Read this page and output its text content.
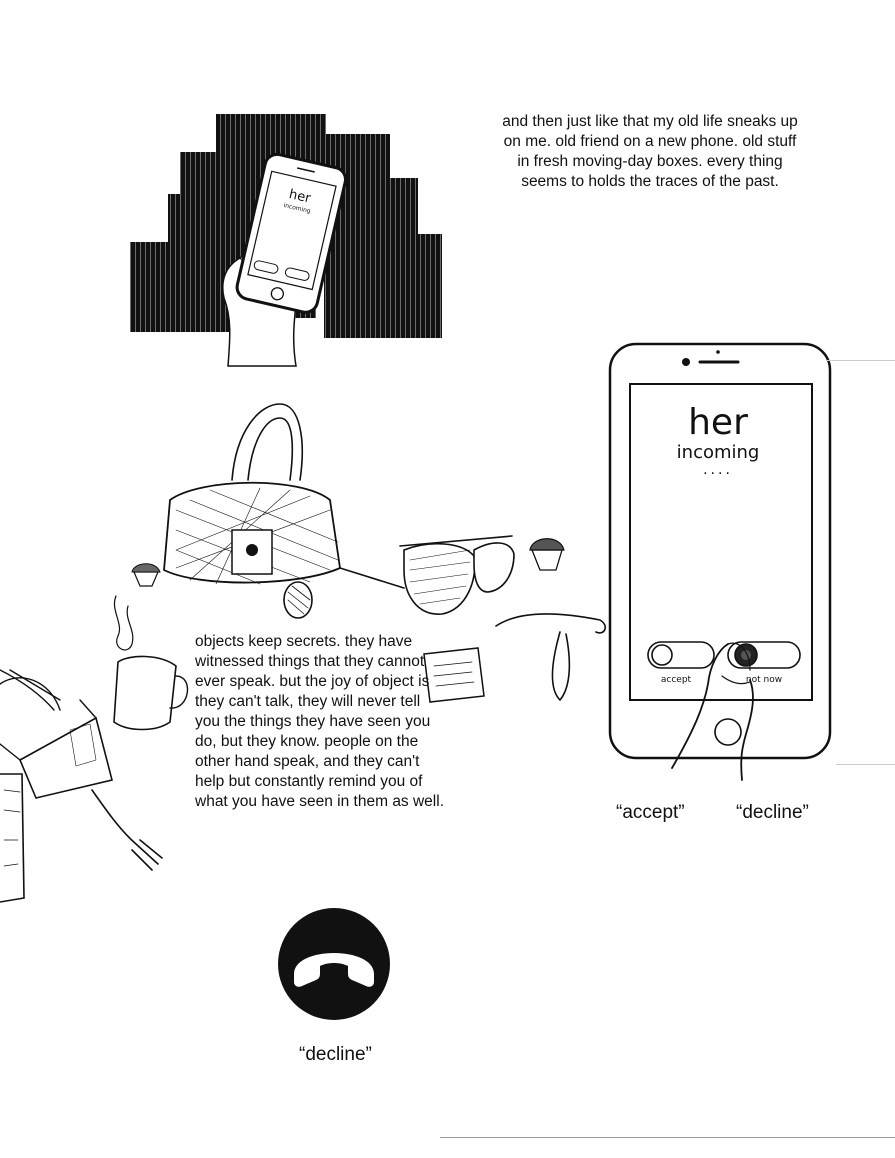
her
incoming
and then just like that my old life sneaks up on me. old friend on a new phone. old stuff in fresh moving-day boxes. every thing seems to holds the traces of the past.
her
incoming
....
accept	not now
objects keep secrets. they have witnessed things that they cannot ever speak. but the joy of object is they can't talk, they will never tell you the things they have seen you do, but they know. people on the other hand speak, and they can't help but constantly remind you of what you have seen in them as well.
“accept”	“decline”
“decline”
